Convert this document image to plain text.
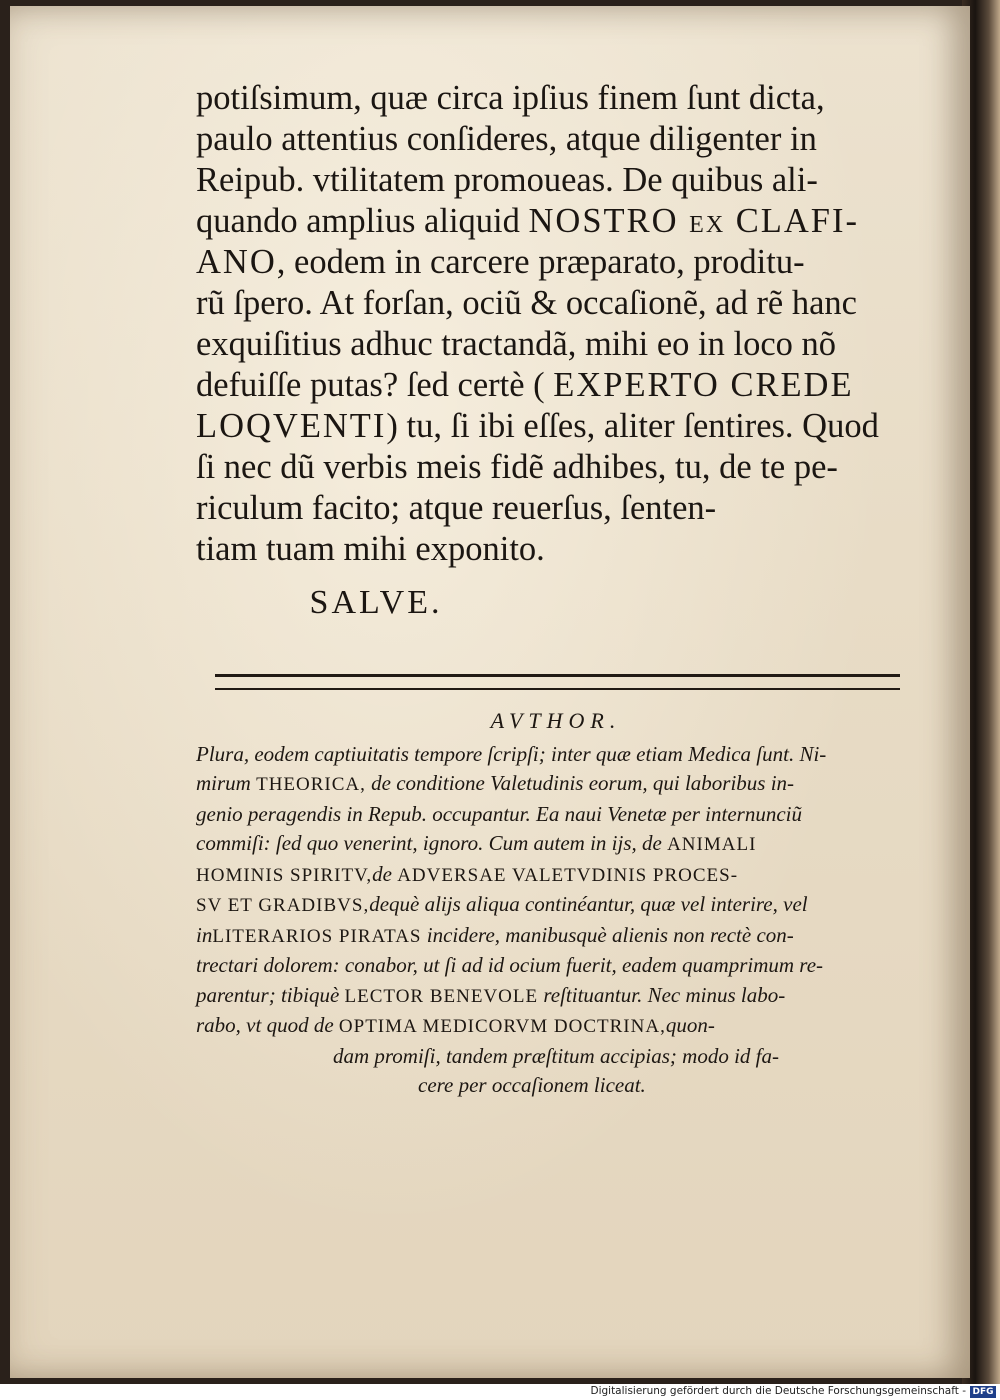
potiſsimum, quæ circa ipſius finem ſunt dicta,
paulo attentius conſideres, atque diligenter in
Reipub. vtilitatem promoueas. De quibus ali-
quando amplius aliquid NOSTRO ex CLAFI-
ANO, eodem in carcere præparato, proditu-
rũ ſpero. At forſan, ociũ & occaſionẽ, ad rẽ hanc
exquiſitius adhuc tractandã, mihi eo in loco nõ
defuiſſe putas? ſed certè ( EXPERTO CREDE
LOQVENTI) tu, ſi ibi eſſes, aliter ſentires. Quod
ſi nec dũ verbis meis fidẽ adhibes, tu, de te pe-
riculum facito; atque reuerſus, ſenten-
tiam tuam mihi exponito.
SALVE.
AVTHOR.
Plura, eodem captiuitatis tempore ſcripſi; inter quæ etiam Medica ſunt. Ni-
mirum THEORICA, de conditione Valetudinis eorum, qui laboribus in-
genio peragendis in Repub. occupantur. Ea naui Venetæ per internunciũ
commiſi: ſed quo venerint, ignoro. Cum autem in ijs, de ANIMALI
HOMINIS SPIRITV,de ADVERSAE VALETVDINIS PROCES-
SV ET GRADIBVS,dequè alijs aliqua continéantur, quæ vel interire, vel
inLITERARIOS PIRATAS incidere, manibusquè alienis non rectè con-
trectari dolorem: conabor, ut ſi ad id ocium fuerit, eadem quamprimum re-
parentur; tibiquè LECTOR BENEVOLE reſtituantur. Nec minus labo-
rabo, vt quod de OPTIMA MEDICORVM DOCTRINA,quon-
dam promiſi, tandem præſtitum accipias; modo id fa-
cere per occaſionem liceat.
Digitalisierung gefördert durch die Deutsche Forschungsgemeinschaft - DFG
